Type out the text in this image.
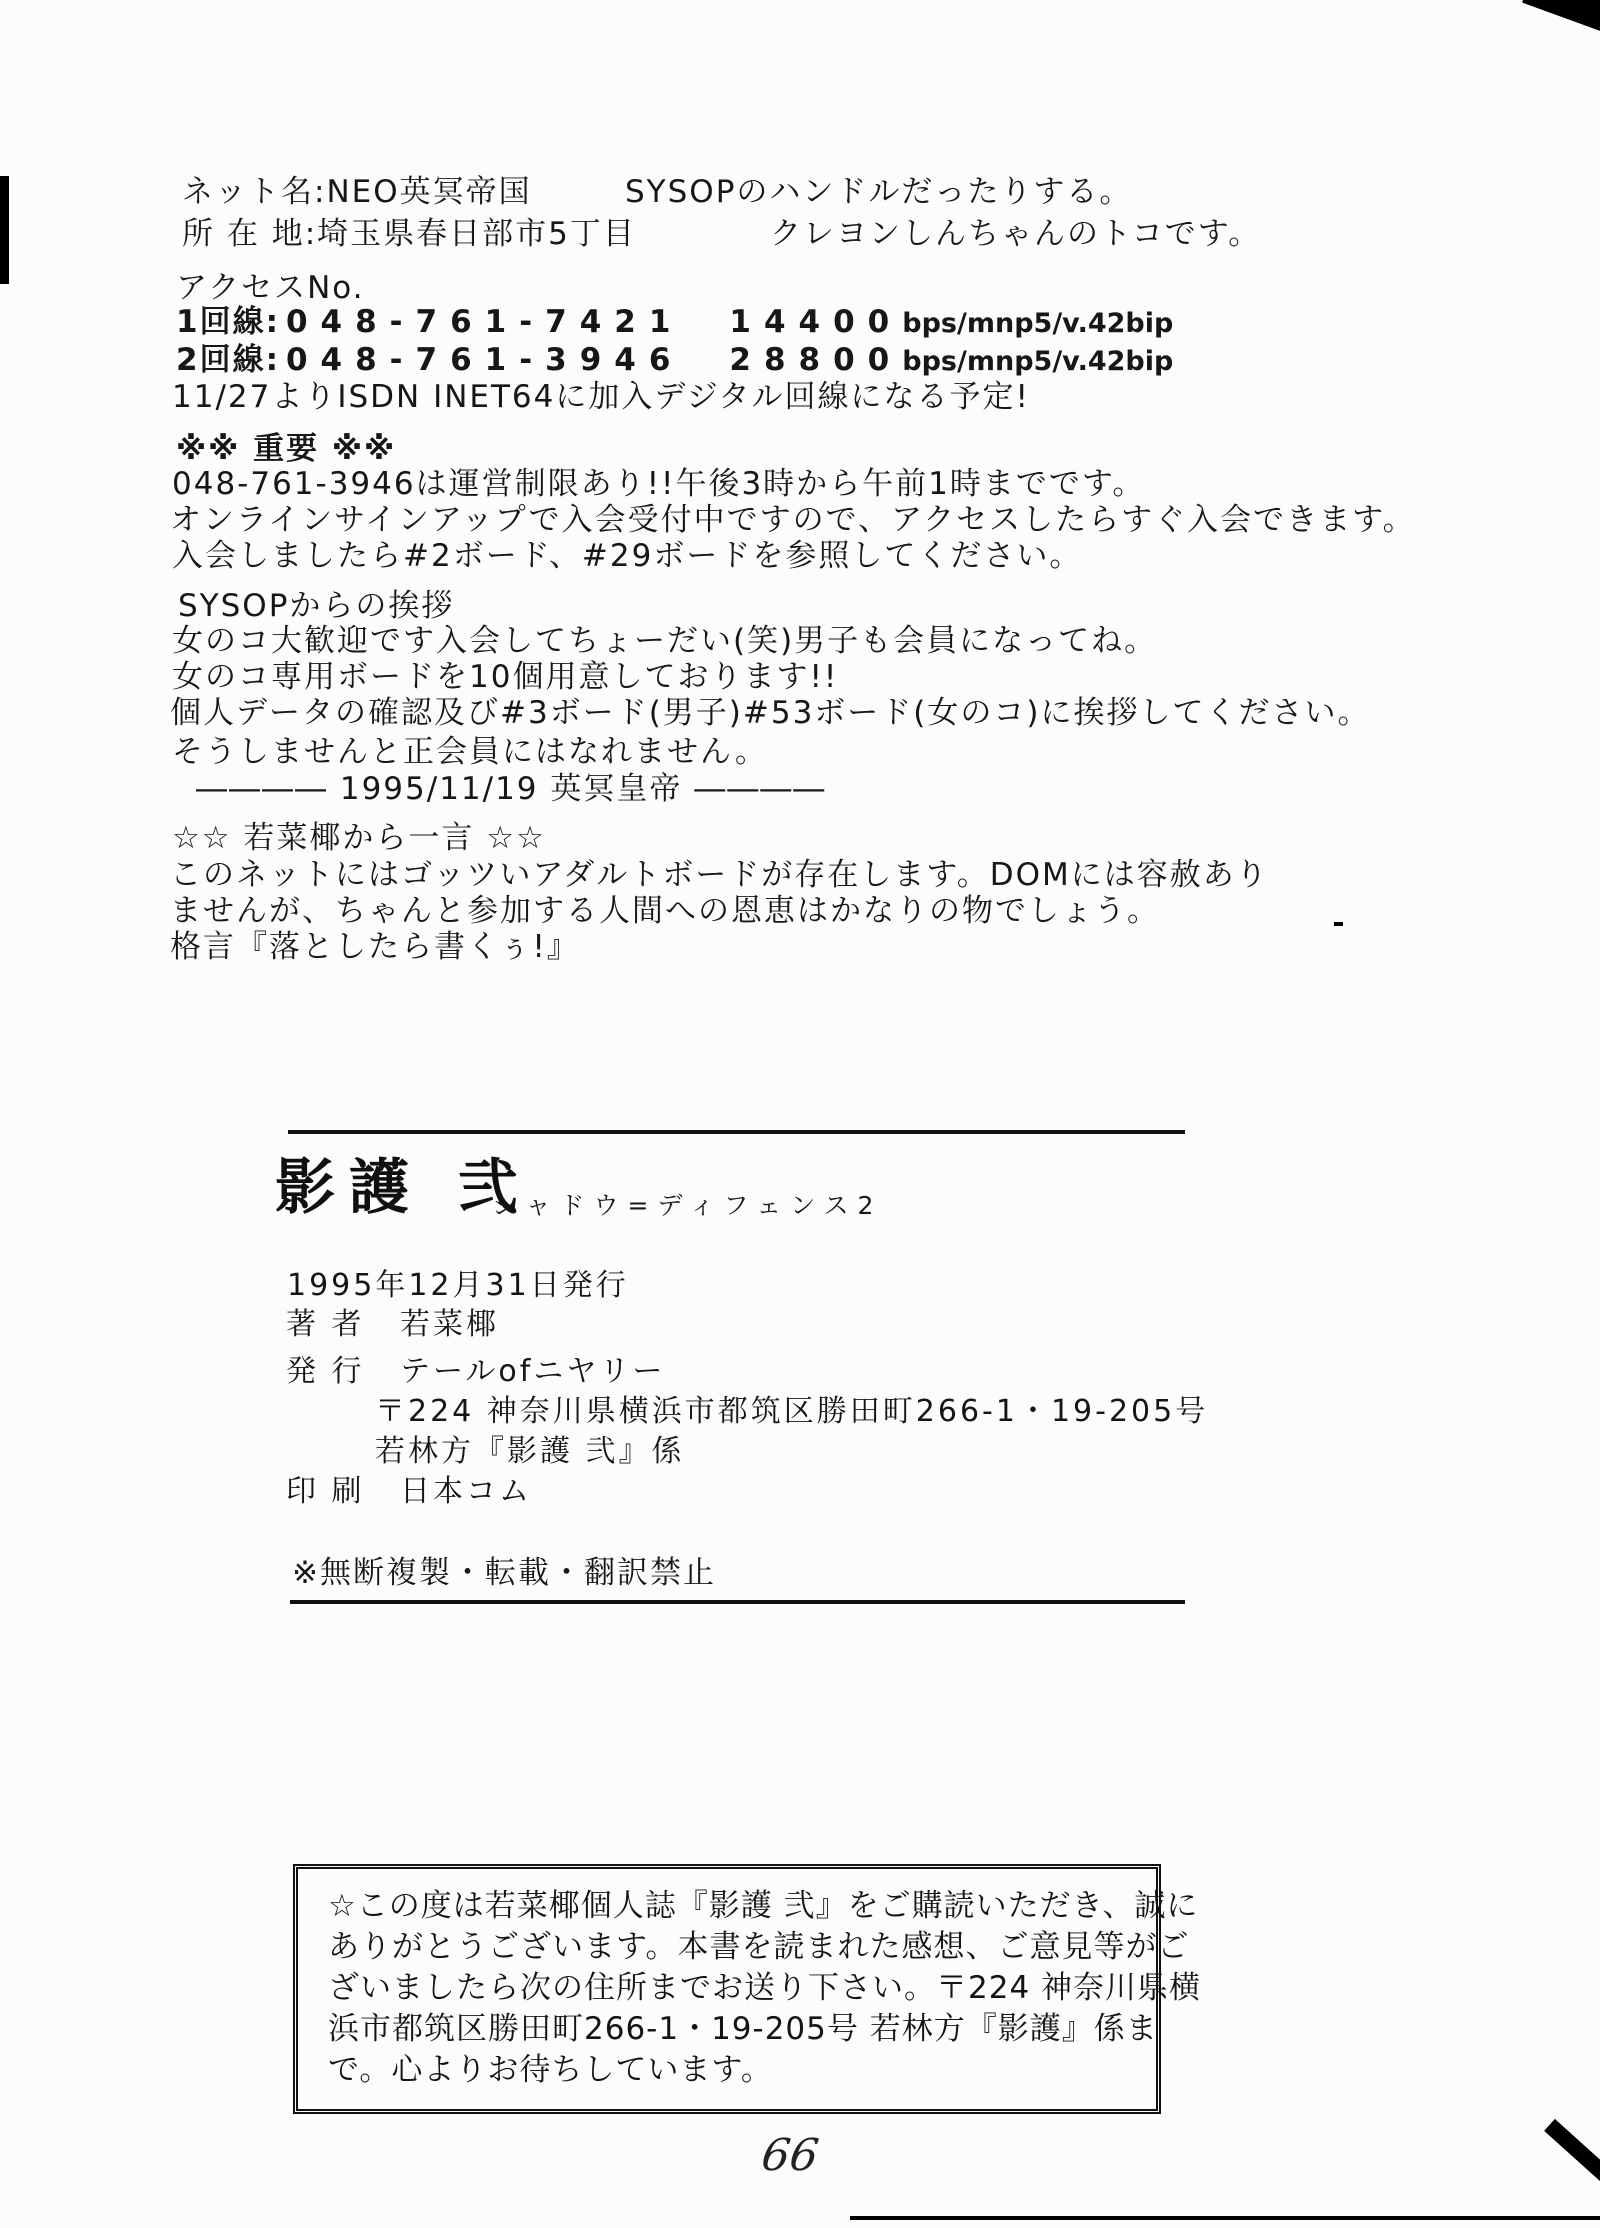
ネット名:NEO英冥帝国	SYSOPのハンドルだったりする。
所 在 地:埼玉県春日部市5丁目	クレヨンしんちゃんのトコです。
アクセスNo.
1回線: 048-761-7421 14400bps/mnp5/v.42bip
2回線: 048-761-3946 28800bps/mnp5/v.42bip
11/27よりISDN INET64に加入デジタル回線になる予定!
※※ 重要 ※※
048-761-3946は運営制限あり!!午後3時から午前1時までです。
オンラインサインアップで入会受付中ですので、アクセスしたらすぐ入会できます。
入会しましたら#2ボード、#29ボードを参照してください。
SYSOPからの挨拶
女のコ大歓迎です入会してちょーだい(笑)男子も会員になってね。
女のコ専用ボードを10個用意しております!!
個人データの確認及び#3ボード(男子)#53ボード(女のコ)に挨拶してください。
そうしませんと正会員にはなれません。
―――― 1995/11/19 英冥皇帝 ――――
☆☆ 若菜椰から一言 ☆☆
このネットにはゴッツいアダルトボードが存在します。DOMには容赦あり
ませんが、ちゃんと参加する人間への恩恵はかなりの物でしょう。
格言『落としたら書くぅ!』
影護 弐
シャドウ=ディフェンス2
1995年12月31日発行
著 者 若菜椰
発 行 テールofニヤリー
〒224 神奈川県横浜市都筑区勝田町266-1・19-205号
若林方『影護 弐』係
印 刷 日本コム
※無断複製・転載・翻訳禁止
☆この度は若菜椰個人誌『影護 弐』をご購読いただき、誠に
ありがとうございます。本書を読まれた感想、ご意見等がご
ざいましたら次の住所までお送り下さい。〒224 神奈川県横
浜市都筑区勝田町266-1・19-205号 若林方『影護』係ま
で。心よりお待ちしています。
66
